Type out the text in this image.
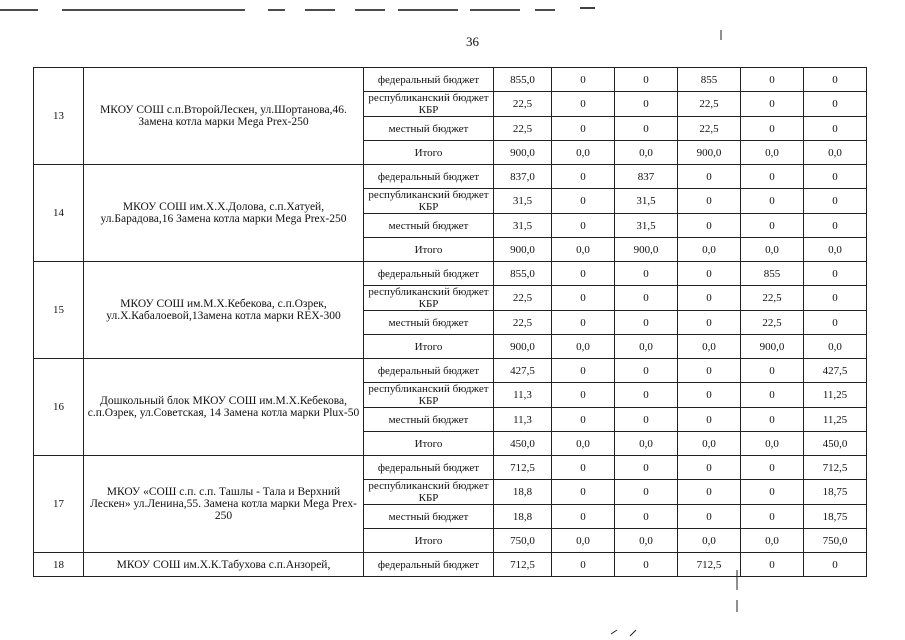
36
13	МКОУ СОШ с.п.ВторойЛескен, ул.Шортанова,46. Замена котла марки Mega Prex-250	федеральный бюджет	855,0	0	0	855	0	0
		республиканский бюджет КБР	22,5	0	0	22,5	0	0
		местный бюджет	22,5	0	0	22,5	0	0
		Итого	900,0	0,0	0,0	900,0	0,0	0,0
14	МКОУ СОШ им.Х.Х.Долова, с.п.Хатуей, ул.Барадова,16 Замена котла марки Mega Prex-250	федеральный бюджет	837,0	0	837	0	0	0
		республиканский бюджет КБР	31,5	0	31,5	0	0	0
		местный бюджет	31,5	0	31,5	0	0	0
		Итого	900,0	0,0	900,0	0,0	0,0	0,0
15	МКОУ СОШ им.М.Х.Кебекова, с.п.Озрек, ул.Х.Кабалоевой,1Замена котла марки REX-300	федеральный бюджет	855,0	0	0	0	855	0
		республиканский бюджет КБР	22,5	0	0	0	22,5	0
		местный бюджет	22,5	0	0	0	22,5	0
		Итого	900,0	0,0	0,0	0,0	900,0	0,0
16	Дошкольный блок МКОУ СОШ им.М.Х.Кебекова, с.п.Озрек, ул.Советская, 14 Замена котла марки Plux-50	федеральный бюджет	427,5	0	0	0	0	427,5
		республиканский бюджет КБР	11,3	0	0	0	0	11,25
		местный бюджет	11,3	0	0	0	0	11,25
		Итого	450,0	0,0	0,0	0,0	0,0	450,0
17	МКОУ «СОШ с.п. с.п. Ташлы - Тала и Верхний Лескен» ул.Ленина,55. Замена котла марки Mega Prex-250	федеральный бюджет	712,5	0	0	0	0	712,5
		республиканский бюджет КБР	18,8	0	0	0	0	18,75
		местный бюджет	18,8	0	0	0	0	18,75
		Итого	750,0	0,0	0,0	0,0	0,0	750,0
18	МКОУ СОШ им.Х.К.Табухова с.п.Анзорей,	федеральный бюджет	712,5	0	0	712,5	0	0
